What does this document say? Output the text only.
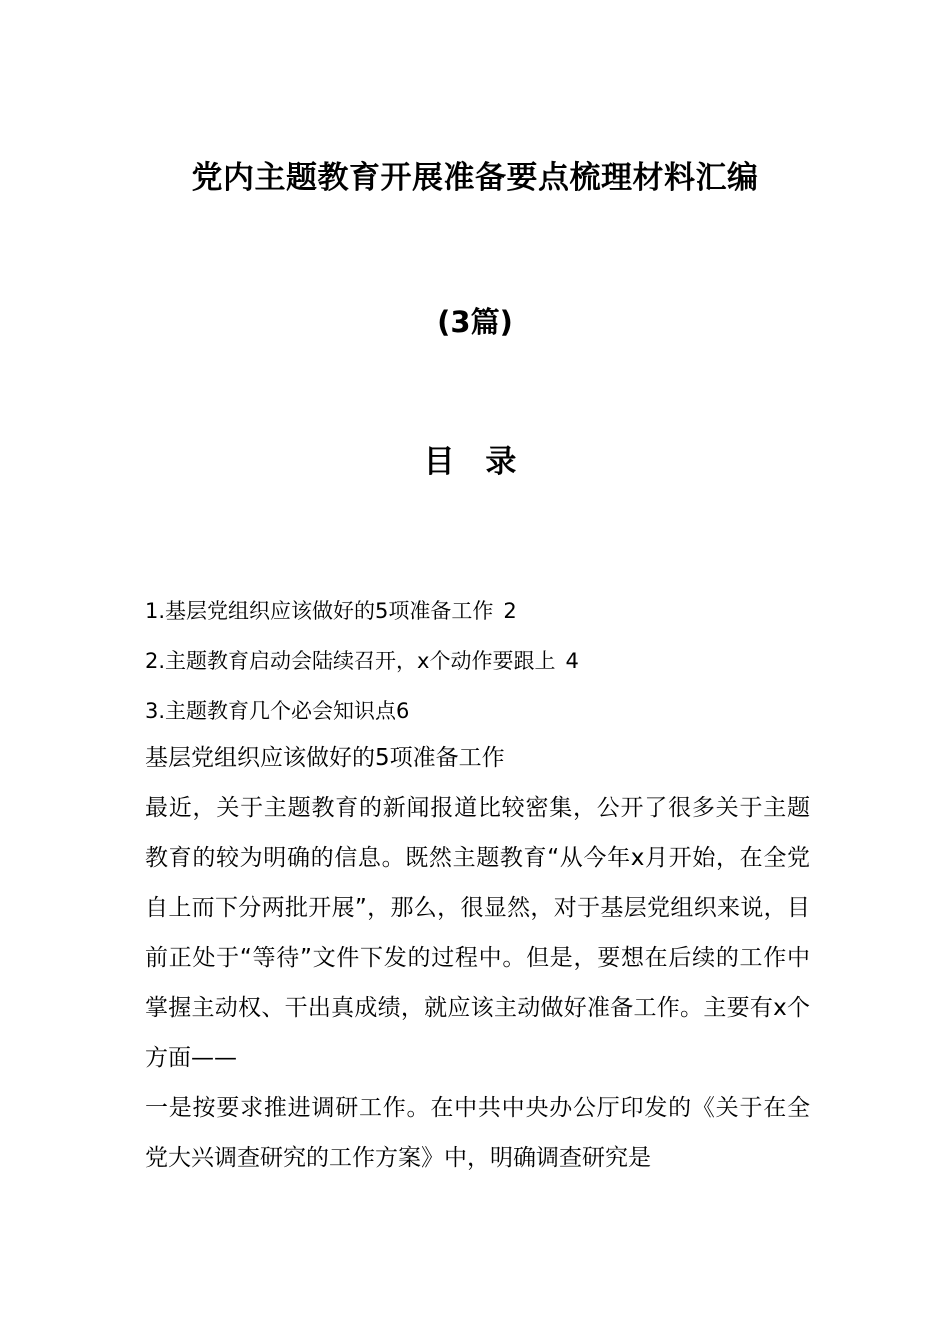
党内主题教育开展准备要点梳理材料汇编
(3篇)
目 录
1.基层党组织应该做好的5项准备工作 2
2.主题教育启动会陆续召开，x个动作要跟上 4
3.主题教育几个必会知识点6

基层党组织应该做好的5项准备工作

最近，关于主题教育的新闻报道比较密集，公开了很多关于主题教育的较为明确的信息。既然主题教育“从今年x月开始，在全党自上而下分两批开展”，那么，很显然，对于基层党组织来说，目前正处于“等待”文件下发的过程中。但是，要想在后续的工作中掌握主动权、干出真成绩，就应该主动做好准备工作。主要有x个方面——

一是按要求推进调研工作。在中共中央办公厅印发的《关于在全党大兴调查研究的工作方案》中，明确调查研究是
